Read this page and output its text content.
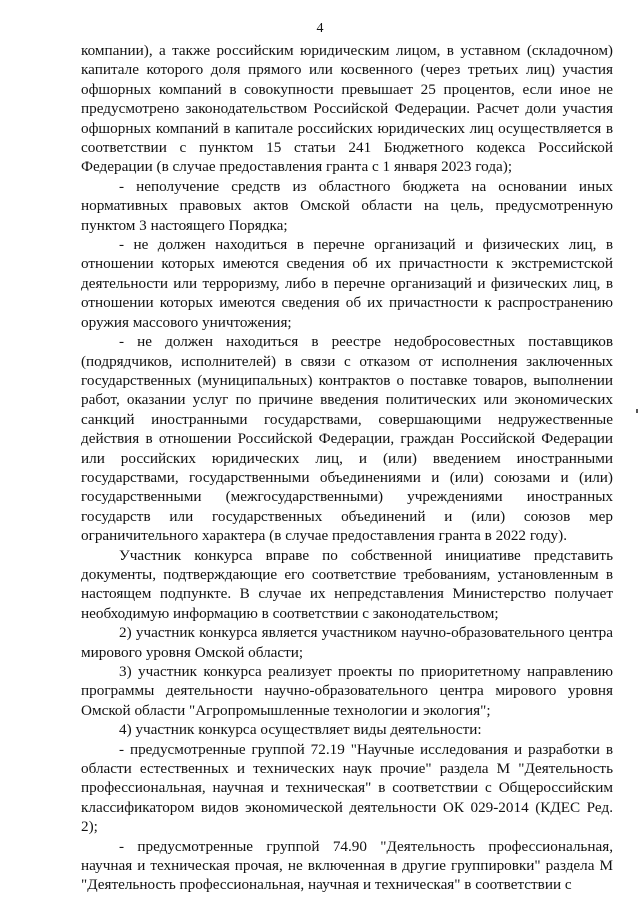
4

компании), а также российским юридическим лицом, в уставном (складочном) капитале которого доля прямого или косвенного (через третьих лиц) участия офшорных компаний в совокупности превышает 25 процентов, если иное не предусмотрено законодательством Российской Федерации. Расчет доли участия офшорных компаний в капитале российских юридических лиц осуществляется в соответствии с пунктом 15 статьи 241 Бюджетного кодекса Российской Федерации (в случае предоставления гранта с 1 января 2023 года);

- неполучение средств из областного бюджета на основании иных нормативных правовых актов Омской области на цель, предусмотренную пунктом 3 настоящего Порядка;

- не должен находиться в перечне организаций и физических лиц, в отношении которых имеются сведения об их причастности к экстремистской деятельности или терроризму, либо в перечне организаций и физических лиц, в отношении которых имеются сведения об их причастности к распространению оружия массового уничтожения;

- не должен находиться в реестре недобросовестных поставщиков (подрядчиков, исполнителей) в связи с отказом от исполнения заключенных государственных (муниципальных) контрактов о поставке товаров, выполнении работ, оказании услуг по причине введения политических или экономических санкций иностранными государствами, совершающими недружественные действия в отношении Российской Федерации, граждан Российской Федерации или российских юридических лиц, и (или) введением иностранными государствами, государственными объединениями и (или) союзами и (или) государственными (межгосударственными) учреждениями иностранных государств или государственных объединений и (или) союзов мер ограничительного характера (в случае предоставления гранта в 2022 году).

Участник конкурса вправе по собственной инициативе представить документы, подтверждающие его соответствие требованиям, установленным в настоящем подпункте. В случае их непредставления Министерство получает необходимую информацию в соответствии с законодательством;

2) участник конкурса является участником научно-образовательного центра мирового уровня Омской области;

3) участник конкурса реализует проекты по приоритетному направлению программы деятельности научно-образовательного центра мирового уровня Омской области "Агропромышленные технологии и экология";

4) участник конкурса осуществляет виды деятельности:

- предусмотренные группой 72.19 "Научные исследования и разработки в области естественных и технических наук прочие" раздела М "Деятельность профессиональная, научная и техническая" в соответствии с Общероссийским классификатором видов экономической деятельности ОК 029-2014 (КДЕС Ред. 2);

- предусмотренные группой 74.90 "Деятельность профессиональная, научная и техническая прочая, не включенная в другие группировки" раздела М "Деятельность профессиональная, научная и техническая" в соответствии с
